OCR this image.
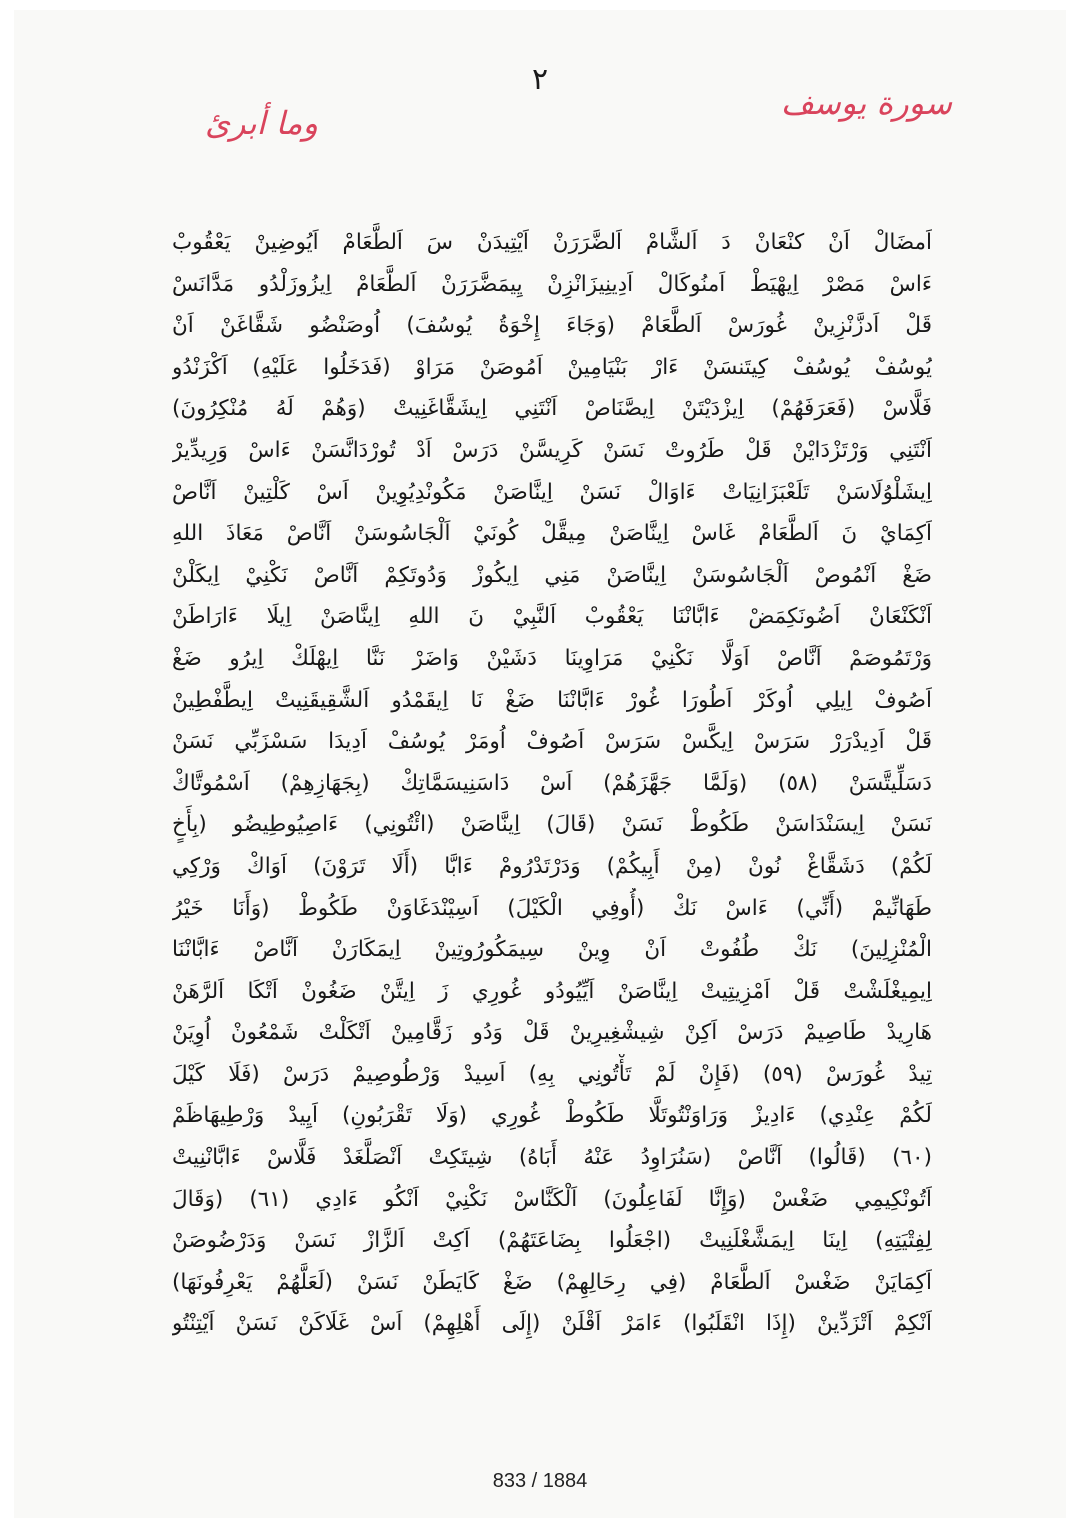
٢
سورة يوسف
وما أبرئ
اَمضَالْ اَنْ كنْعَانْ دَ اَلشَّامْ اَلضَّرَرَنْ اَيْتِيدَنْ سَ اَلطَّعَامْ اَيُوضِينْ يَعْقُوبْ
ءَاسْ مَصْرْ اِيهْيَطْ اَمنُوكَالْ اَدِينِيزَانْزِنْ يِيمَضَّرَرَنْ اَلطَّعَامْ اِيزُوزَلْدُو مَدَّانَسْ
قَلْ اَدزَّنْزِينْ غُورَسْ اَلطَّعَامْ (وَجَاءَ إِخْوَةُ يُوسُفَ) اُوصَنْضُو شَقَّاغَنْ اَنْ
يُوسُفْ يُوسُفْ كِيتَنسَنْ ءَارْ بَنْيَامِينْ اَمُوصَنْ مَرَاوْ (فَدَخَلُوا عَلَيْهِ) اَكْزَنْدُو
فَلَّاسْ (فَعَرَفَهُمْ) اِيزْدَيْتَنْ اِيصَّنَاصْ اَنْتَنِي اِيشَقَّاغَنِيتْ (وَهُمْ لَهُ مُنْكِرُونَ)
اَنْتَنِي وَرْتَزْدَايْنْ قَلْ طَرُوتْ نَسَنْ كَرِيسَّنْ دَرَسْ اَدْ تُورْدَانَّسَنْ ءَاسْ وَرِيدِّيرْ
اِيشَلْوُلَاسَنْ تَلَعْبَزَانِيَاتْ ءَاوَالْ نَسَنْ اِينَّاصَنْ مَكُونْدِيُوِينْ اَسْ كَلْتِينْ اَنَّاصْ
اَكِمَايْ نَ اَلطَّعَامْ غَاسْ اِينَّاصَنْ مِيقَّلْ كُونَيْ اَلْجَاسُوسَنْ اَنَّاصْ مَعَاذَ اللهِ
ضَغْ اَنْمُوصْ اَلْجَاسُوسَنْ اِينَّاصَنْ مَنِي اِيكُوزْ وَدُوتَكِمْ اَنَّاصْ نَكْنِيْ اِيكَلْنْ
اَنْكَنْعَانْ اَضُونَكِمَضْ ءَابَّانْنَا يَعْقُوبْ اَلنَّبِيْ نَ اللهِ اِينَّاصَنْ اِيلَا ءَارَاطَنْ
وَرْتَمُوصَمْ اَنَّاصْ اَوَلَّا نَكْنِيْ مَرَاوِينَا دَشَيْنْ وَاضَرْ نَنَّا اِيهْلَكْ اِيرُو ضَغْ
اَصُوفْ اِيلِي اُوكَرْ اَطُورَا غُورْ ءَابَّانْنَا ضَغْ نَا اِيقَمْدُو اَلشَّقِيقَنِيتْ اِيطَّفْطِينْ
قَلْ اَدِيدْرَرْ سَرَسْ اِيكَّسْ سَرَسْ اَصُوفْ اُومَرْ يُوسُفْ اَدِيدَا سَسْزَبِّي نَسَنْ
دَسَلِّيتَّسَنْ (٥٨) (وَلَمَّا جَهَّزَهُمْ) اَسْ دَاسَنِيسَمَّاتِكْ (بِجَهَازِهِمْ) اَسْمُوتَّاكْ
نَسَنْ اِيسَنْدَاسَنْ طَكُوطْ نَسَنْ (قَالَ) اِينَّاصَنْ (ائْتُونِي) ءَاصِيُوطِيضُو (بِأَخٍ
لَكُمْ) دَشَقَّاغْ نُونْ (مِنْ أَبِيكُمْ) وَدَرْتَدْرُومْ ءَابَّا (أَلَا تَرَوْنَ) اَوَاكْ وَرْكِي
طَهَانِّيمْ (أَنِّي) ءَاسْ نَكْ (أُوفِي الْكَيْلَ) اَسِيْنْدَغَاوَنْ طَكُوطْ (وَأَنَا خَيْرُ
الْمُنْزِلِينَ) نَكْ طُفُوتْ اَنْ وِينْ سِيمَكُورُوتِينْ اِيمَكَارَنْ اَنَّاصْ ءَابَّانْنَا
اِيمِيغْلَشْتْ قَلْ اَمْزِيتِيتْ اِينَّاصَنْ اَيِّيُودُو غُورِي زَ اِيتَّنْ ضَغُونْ اَتْكَا اَلرَّهَنْ
هَارِيدْ طَاصِيمْ دَرَسْ اَكِنْ شِيشْغِيرِينْ قَلْ وَدُو زَقَّامِينْ اَتْكَلْتْ شَمْعُونْ اُوِيَنْ
تِيدْ غُورَسْ (٥٩) (فَإِنْ لَمْ تَأْتُونِي بِهِ) اَسِيدْ وَرْطُوصِيمْ دَرَسْ (فَلَا كَيْلَ
لَكُمْ عِنْدِي) ءَادِيزْ وَرَاوَنْتُوتَلَّا طَكُوطْ غُورِي (وَلَا تَقْرَبُونِ) اَيِيدْ وَرْطِيهَاظَمْ
(٦٠) (قَالُوا) اَنَّاصْ (سَنُرَاوِدُ عَنْهُ أَبَاهُ) شِيتَكِتْ اَنْصَلَّغَدْ فَلَّاسْ ءَابَّانْنِيتْ
اَتُونْكِيمِي ضَغْسْ (وَإِنَّا لَفَاعِلُونَ) اَلْكَنَّاسْ نَكْنِيْ اَنْكُو ءَادِي (٦١) (وَقَالَ
لِفِتْيَتِهِ) اِينَا اِيمَشَّغْلَنِيتْ (اجْعَلُوا بِضَاعَتَهُمْ) اَكِتْ اَلزَّازْ نَسَنْ وَدَرْضُوصَنْ
اَكِمَايَنْ ضَغْسْ اَلطَّعَامْ (فِي رِحَالِهِمْ) ضَغْ كَايَطَنْ نَسَنْ (لَعَلَّهُمْ يَعْرِفُونَهَا)
اَنْكِمْ اَتْزَدِّينْ (إِذَا انْقَلَبُوا) ءَامَرْ اَقْلَنْ (إِلَى أَهْلِهِمْ) اَسْ غَلَاكَنْ نَسَنْ اَيْتِنْتُو
833 / 1884
